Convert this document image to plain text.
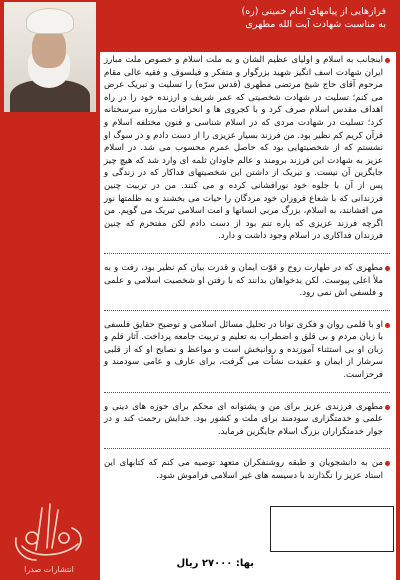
فرازهایی از پیامهای امام خمینی (ره)
به مناسبت شهادت آیت الله مطهری
اینجانب به اسلام و اولیای عظیم الشان و به ملت اسلام و خصوص ملت مبارز ایران شهادت اسف انگیز شهید بزرگوار و متفکر و فیلسوف و فقیه عالی مقام مرحوم آقای حاج شیخ مرتضی مطهری (قدس سرّه) را تسلیت و تبریک عرض می کنم؛ تسلیت در شهادت شخصیتی که عمر شریف و ارزنده خود را در راه اهداف مقدس اسلام صرف کرد و با کجروی ها و انحرافات مبارزه سرسختانه کرد؛ تسلیت در شهادت مردی که در اسلام شناسی و فنون مختلفه اسلام و قرآن کریم کم نظیر بود. من فرزند بسیار عزیزی را از دست دادم و در سوگ او نشستم که از شخصیتهایی بود که حاصل عمرم محسوب می شد. در اسلام عزیز به شهادت این فرزند برومند و عالم جاودان ثلمه ای وارد شد که هیچ چیز جایگزین آن نیست. و تبریک از داشتن این شخصیتهای فداکار که در زندگی و پس از آن با جلوه خود نورافشانی کرده و می کنند. من در تربیت چنین فرزندانی که با شعاع فروزان خود مردگان را حیات می بخشند و به ظلمتها نور می افشانند، به اسلام، بزرگ مربی انسانها و امت اسلامی تبریک می گویم. من اگرچه فرزند عزیزی که پاره تنم بود از دست دادم لکن مفتخرم که چنین فرزندان فداکاری در اسلام وجود داشت و دارد.
مطهری که در طهارت روح و قوّت ایمان و قدرت بیان کم نظیر بود، رفت و به ملأ اعلی پیوست. لکن بدخواهان بدانند که با رفتن او شخصیت اسلامی و علمی و فلسفی اش نمی رود.
او با قلمی روان و فکری توانا در تحلیل مسائل اسلامی و توضیح حقایق فلسفی با زبان مردم و بی قلق و اضطراب به تعلیم و تربیت جامعه پرداخت. آثار قلم و زبان او بی استثناء آموزنده و روانبخش است و مواعظ و نصایح او که از قلبی سرشار از ایمان و عقیدت نشأت می گرفت، برای عارف و عامی سودمند و فرحزاست.
مطهری فرزندی عزیز برای من و پشتوانه ای محکم برای حوزه های دینی و علمی و خدمتگزاری سودمند برای ملت و کشور بود. خدایش رحمت کند و در جوار خدمتگزاران بزرگ اسلام جایگزین فرماید.
من به دانشجویان و طبقه روشنفکران متعهد توصیه می کنم که کتابهای این استاد عزیز را نگذارند با دسیسه های غیر اسلامی فراموش شود.
بها: ۲۷۰۰۰ ریال
انتشارات صدرا
